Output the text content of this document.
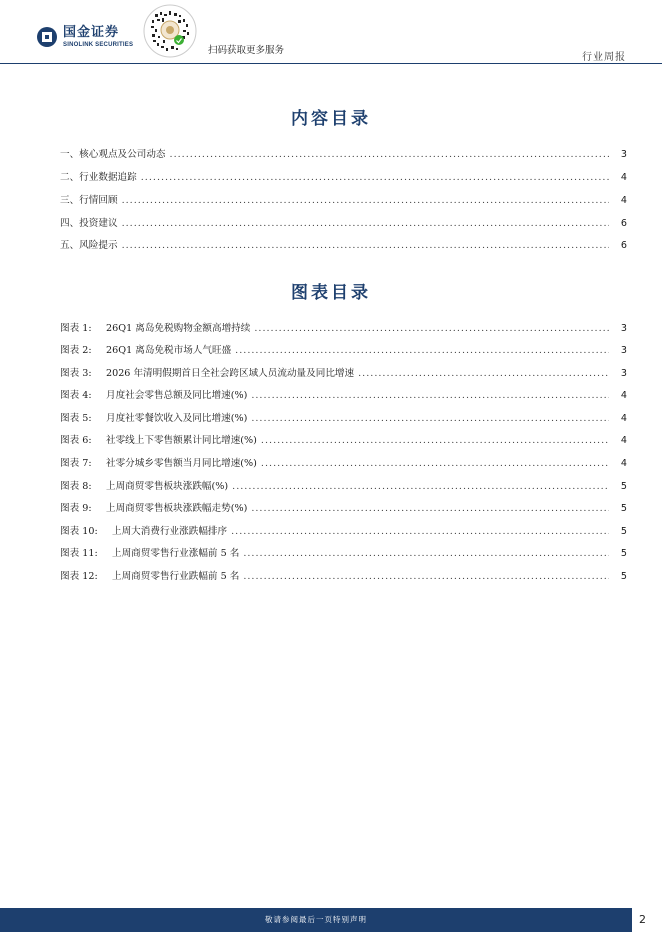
国金证券
SINOLINK SECURITIES	扫码获取更多服务
行业周报
内容目录
一、核心观点及公司动态 .....	3
二、行业数据追踪 .....	4
三、行情回顾 .....	4
四、投资建议 .....	6
五、风险提示 .....	6
图表目录
图表 1:	26Q1 离岛免税购物金额高增持续 .....	3
图表 2:	26Q1 离岛免税市场人气旺盛 .....	3
图表 3:	2026 年清明假期首日全社会跨区域人员流动量及同比增速 .....	3
图表 4:	月度社会零售总额及同比增速(%) .....	4
图表 5:	月度社零餐饮收入及同比增速(%) .....	4
图表 6:	社零线上下零售额累计同比增速(%) .....	4
图表 7:	社零分城乡零售额当月同比增速(%) .....	4
图表 8:	上周商贸零售板块涨跌幅(%) .....	5
图表 9:	上周商贸零售板块涨跌幅走势(%) .....	5
图表 10:	上周大消费行业涨跌幅排序 .....	5
图表 11:	上周商贸零售行业涨幅前 5 名 .....	5
图表 12:	上周商贸零售行业跌幅前 5 名 .....	5
敬请参阅最后一页特别声明	2
